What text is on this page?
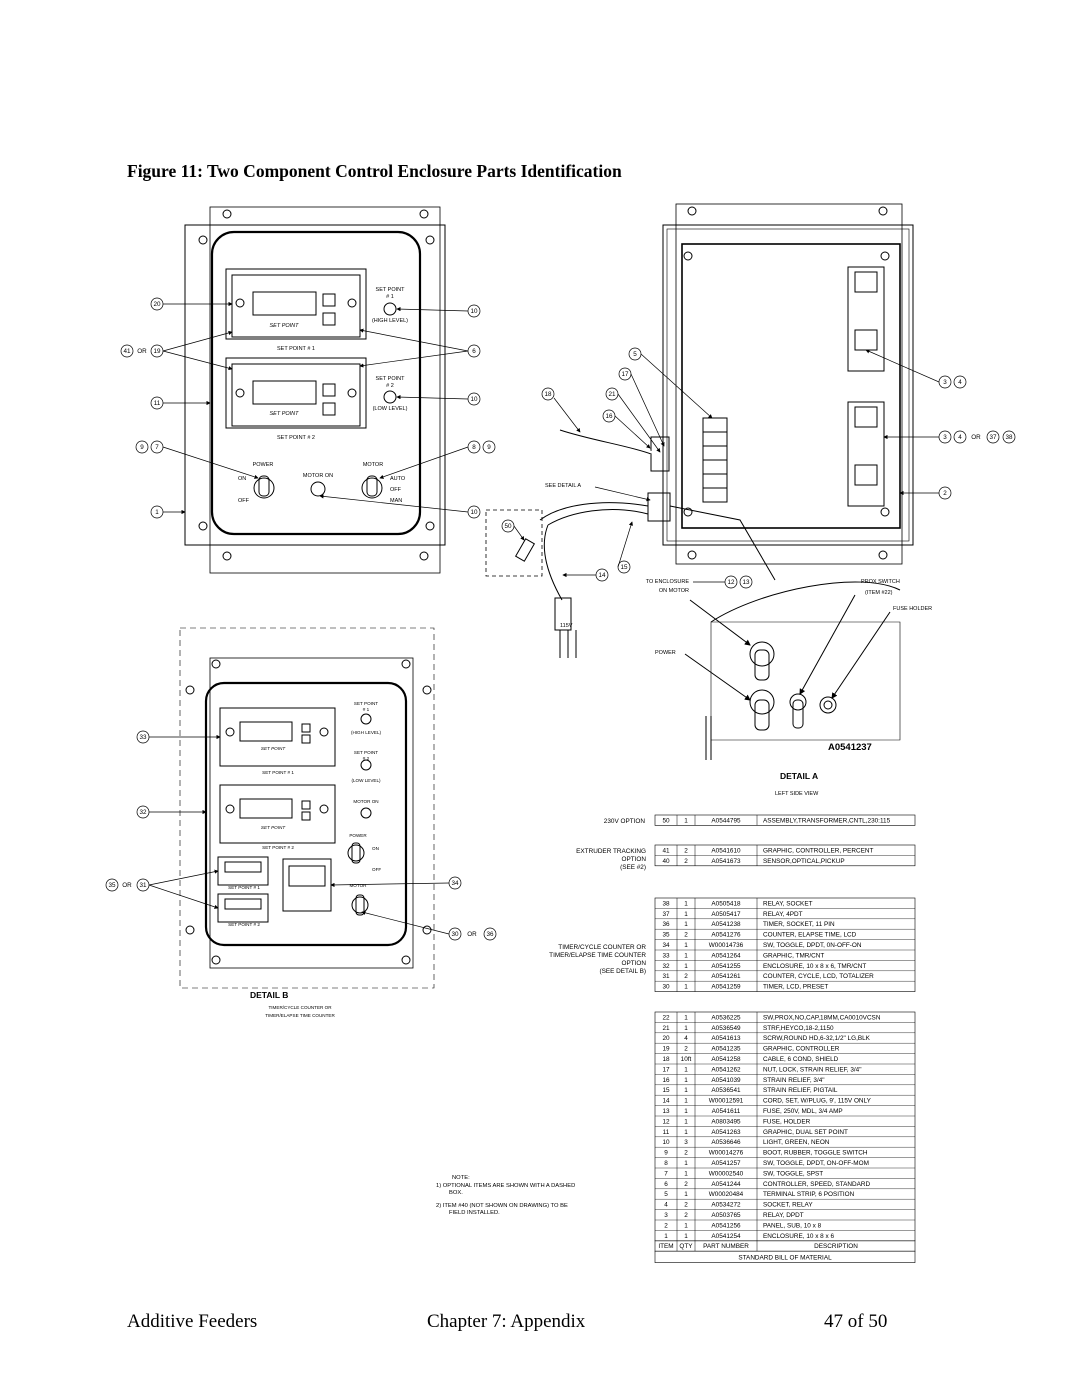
Figure 11: Two Component Control Enclosure Parts Identification
SET POINT
# 1
(HIGH LEVEL)
SET POINT
# 2
(LOW LEVEL)
SET POINT
SET POINT
SET POINT # 1
SET POINT # 2
POWER
ON
OFF
MOTOR ON
MOTOR
AUTO
OFF
MAN
20
41 OR 19
11
9 7
1
10
6
10
8 9
10
5
17
18	21
16
3 4
3 4 OR 37 38
2
50
15
14
12 13
SEE DETAIL A
TO ENCLOSURE
ON MOTOR
115V
PROX SWITCH
(ITEM #22)
FUSE HOLDER
POWER
A0541237
DETAIL A
LEFT SIDE VIEW
33
32
35 OR 31	34
30 OR 36
SET POINT
# 1
(HIGH LEVEL)
SET POINT
# 2
(LOW LEVEL)
MOTOR ON
POWER
ON
OFF
MOTOR
SET POINT
SET POINT # 1
SET POINT
SET POINT # 2
SET POINT # 1
SET POINT # 2
DETAIL B
TIMER/CYCLE COUNTER OR
TIMER/ELAPSE TIME COUNTER
NOTE:
1) OPTIONAL ITEMS ARE SHOWN WITH A DASHED
BOX.
2) ITEM #40 (NOT SHOWN ON DRAWING) TO BE
FIELD INSTALLED.
50 1	A0544795	ASSEMBLY,TRANSFORMER,CNTL,230:115
230V OPTION
41 2	A0541610	GRAPHIC, CONTROLLER, PERCENT
40 2	A0541673	SENSOR,OPTICAL,PICKUP
EXTRUDER TRACKING
OPTION
(SEE #2)
38 1	A0505418	RELAY, SOCKET
37 1	A0505417	RELAY, 4PDT
36 1	A0541238	TIMER, SOCKET, 11 PIN
35 2	A0541276	COUNTER, ELAPSE TIME, LCD
34 1	W00014736	SW, TOGGLE, DPDT, 0N-OFF-ON
33 1	A0541264	GRAPHIC, TMR/CNT
32 1	A0541255	ENCLOSURE, 10 x 8 x 6, TMR/CNT
31 2	A0541261	COUNTER, CYCLE, LCD, TOTALIZER
30 1	A0541259	TIMER, LCD, PRESET
TIMER/CYCLE COUNTER OR
TIMER/ELAPSE TIME COUNTER
OPTION
(SEE DETAIL B)
22 1	A0536225	SW,PROX,NO,CAP,18MM,CA0010VCSN
21 1	A0536549	STRF,HEYCO,18-2,1150
20 4	A0541613	SCRW,ROUND HD,6-32,1/2" LG,BLK
19 2	A0541235	GRAPHIC, CONTROLLER
18 10ft	A0541258	CABLE, 6 COND, SHIELD
17 1	A0541262	NUT, LOCK, STRAIN RELIEF, 3/4"
16 1	A0541039	STRAIN RELIEF, 3/4"
15 1	A0536541	STRAIN RELIEF, PIGTAIL
14 1	W00012591	CORD, SET, W/PLUG, 9', 115V ONLY
13 1	A0541611	FUSE, 250V, MDL, 3/4 AMP
12 1	A0803495	FUSE, HOLDER
11 1	A0541263	GRAPHIC, DUAL SET POINT
10 3	A0536646	LIGHT, GREEN, NEON
9	2	W00014276	BOOT, RUBBER, TOGGLE SWITCH
8	1	A0541257	SW, TOGGLE, DPDT, ON-OFF-MOM
7	1	W00002540	SW, TOGGLE, SPST
6	2	A0541244	CONTROLLER, SPEED, STANDARD
5	1	W00020484	TERMINAL STRIP, 6 POSITION
4	2	A0534272	SOCKET, RELAY
3	2	A0503765	RELAY, DPDT
2	1	A0541256	PANEL, SUB, 10 x 8
1	1	A0541254	ENCLOSURE, 10 x 8 x 6
ITEM QTY PART NUMBER	DESCRIPTION
STANDARD BILL OF MATERIAL
Additive Feeders	Chapter 7: Appendix	47 of 50
